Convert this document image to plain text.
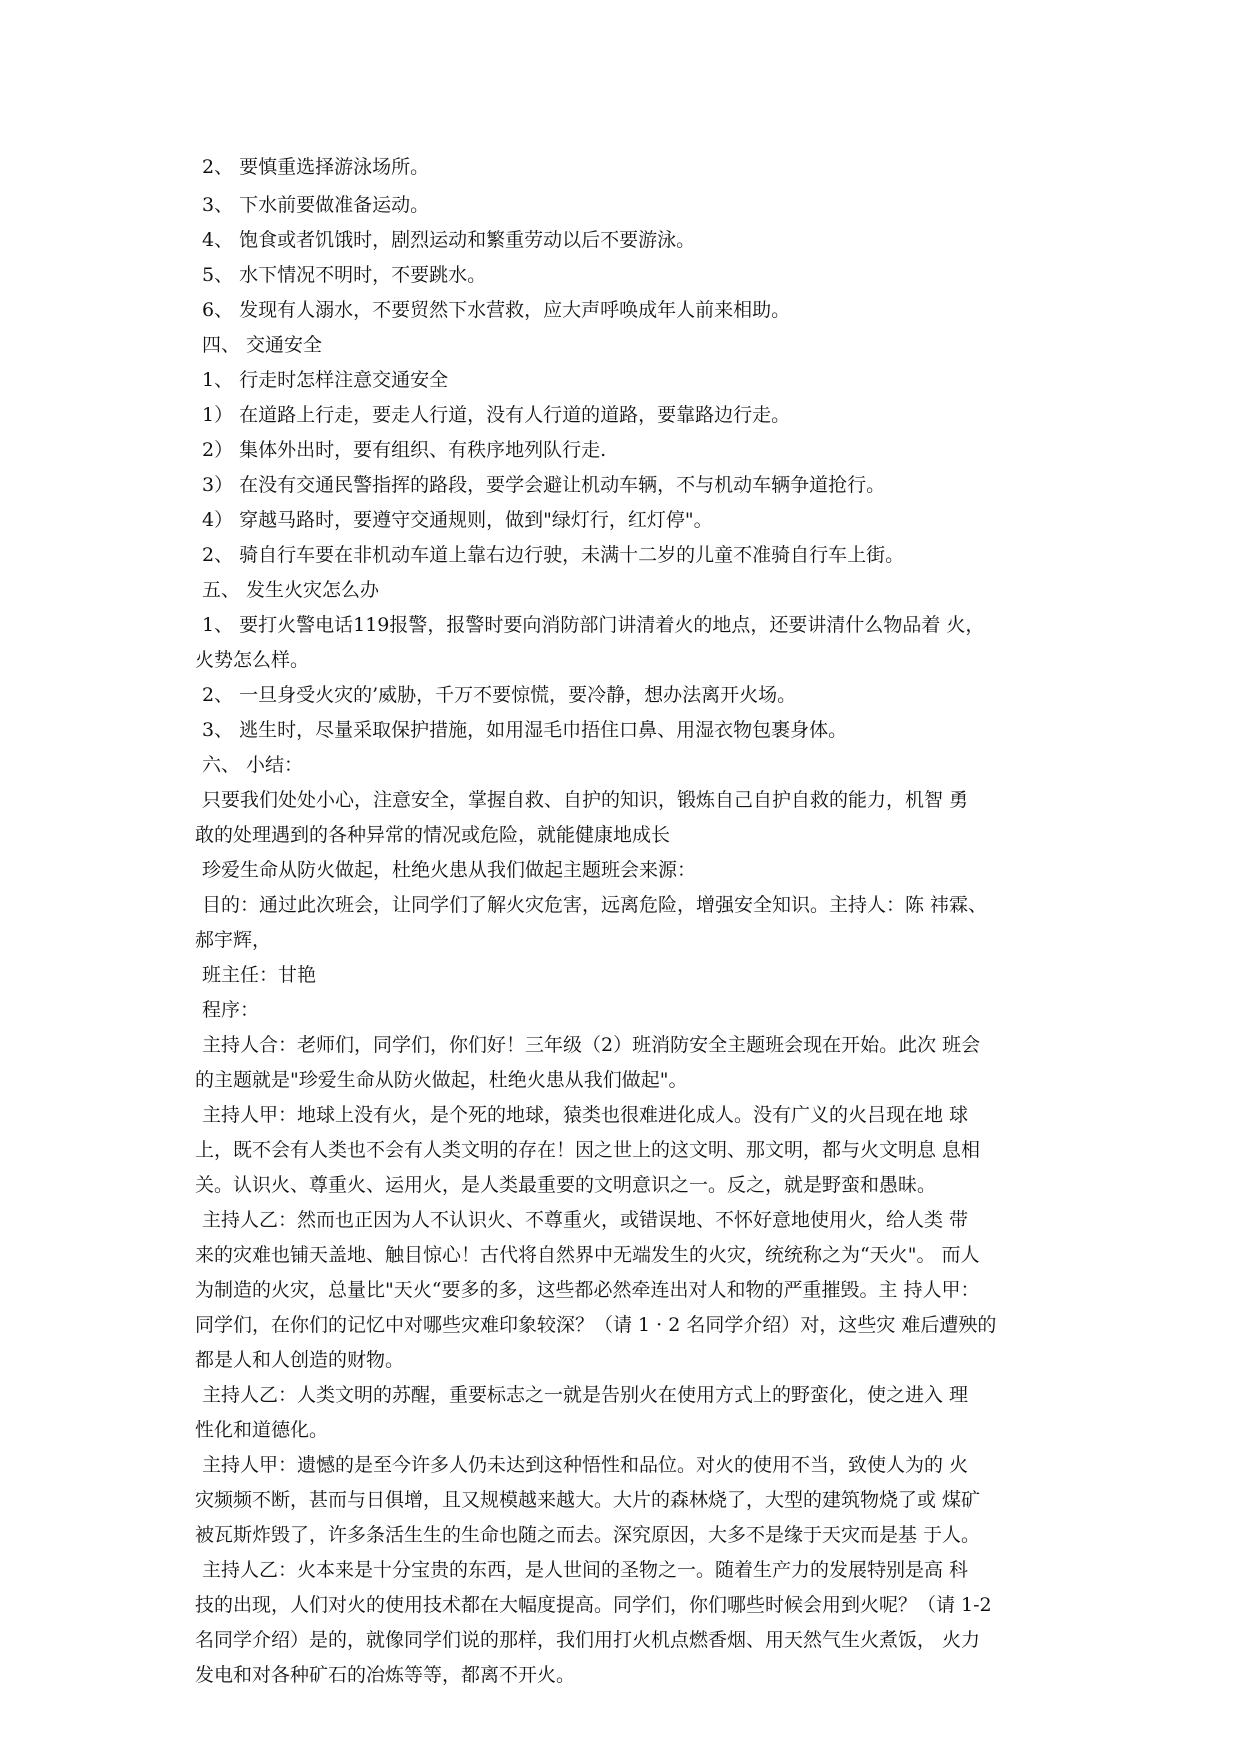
2、 要慎重选择游泳场所。
3、 下水前要做准备运动。
4、 饱食或者饥饿时，剧烈运动和繁重劳动以后不要游泳。
5、 水下情况不明时，不要跳水。
6、 发现有人溺水，不要贸然下水营救，应大声呼唤成年人前来相助。
四、 交通安全
1、 行走时怎样注意交通安全
1） 在道路上行走，要走人行道，没有人行道的道路，要靠路边行走。
2） 集体外出时，要有组织、有秩序地列队行走.
3） 在没有交通民警指挥的路段，要学会避让机动车辆，不与机动车辆争道抢行。
4） 穿越马路时，要遵守交通规则，做到"绿灯行，红灯停"。
2、 骑自行车要在非机动车道上靠右边行驶，未满十二岁的儿童不准骑自行车上街。
五、 发生火灾怎么办
1、 要打火警电话119报警，报警时要向消防部门讲清着火的地点，还要讲清什么物品着 火，
火势怎么样。
2、 一旦身受火灾的’威胁，千万不要惊慌，要冷静，想办法离开火场。
3、 逃生时，尽量采取保护措施，如用湿毛巾捂住口鼻、用湿衣物包裹身体。
六、 小结：
只要我们处处小心，注意安全，掌握自救、自护的知识，锻炼自己自护自救的能力，机智 勇
敢的处理遇到的各种异常的情况或危险，就能健康地成长
珍爱生命从防火做起，杜绝火患从我们做起主题班会来源：
目的：通过此次班会，让同学们了解火灾危害，远离危险，增强安全知识。主持人：陈 祎霖、
郝宇辉，
班主任：甘艳
程序：
主持人合：老师们，同学们，你们好！三年级（2）班消防安全主题班会现在开始。此次 班会
的主题就是"珍爱生命从防火做起，杜绝火患从我们做起"。
主持人甲：地球上没有火，是个死的地球，猿类也很难进化成人。没有广义的火吕现在地 球
上，既不会有人类也不会有人类文明的存在！因之世上的这文明、那文明，都与火文明息 息相
关。认识火、尊重火、运用火，是人类最重要的文明意识之一。反之，就是野蛮和愚昧。
主持人乙：然而也正因为人不认识火、不尊重火，或错误地、不怀好意地使用火，给人类 带
来的灾难也铺天盖地、触目惊心！古代将自然界中无端发生的火灾，统统称之为“天火"。 而人
为制造的火灾，总量比"天火“要多的多，这些都必然牵连出对人和物的严重摧毁。主 持人甲：
同学们，在你们的记忆中对哪些灾难印象较深？（请 1 · 2 名同学介绍）对，这些灾 难后遭殃的
都是人和人创造的财物。
主持人乙：人类文明的苏醒，重要标志之一就是告别火在使用方式上的野蛮化，使之进入 理
性化和道德化。
主持人甲：遗憾的是至今许多人仍未达到这种悟性和品位。对火的使用不当，致使人为的 火
灾频频不断，甚而与日俱增，且又规模越来越大。大片的森林烧了，大型的建筑物烧了或 煤矿
被瓦斯炸毁了，许多条活生生的生命也随之而去。深究原因，大多不是缘于天灾而是基 于人。
主持人乙：火本来是十分宝贵的东西，是人世间的圣物之一。随着生产力的发展特别是高 科
技的出现，人们对火的使用技术都在大幅度提高。同学们，你们哪些时候会用到火呢？（请 1-2
名同学介绍）是的，就像同学们说的那样，我们用打火机点燃香烟、用天然气生火煮饭， 火力
发电和对各种矿石的冶炼等等，都离不开火。
